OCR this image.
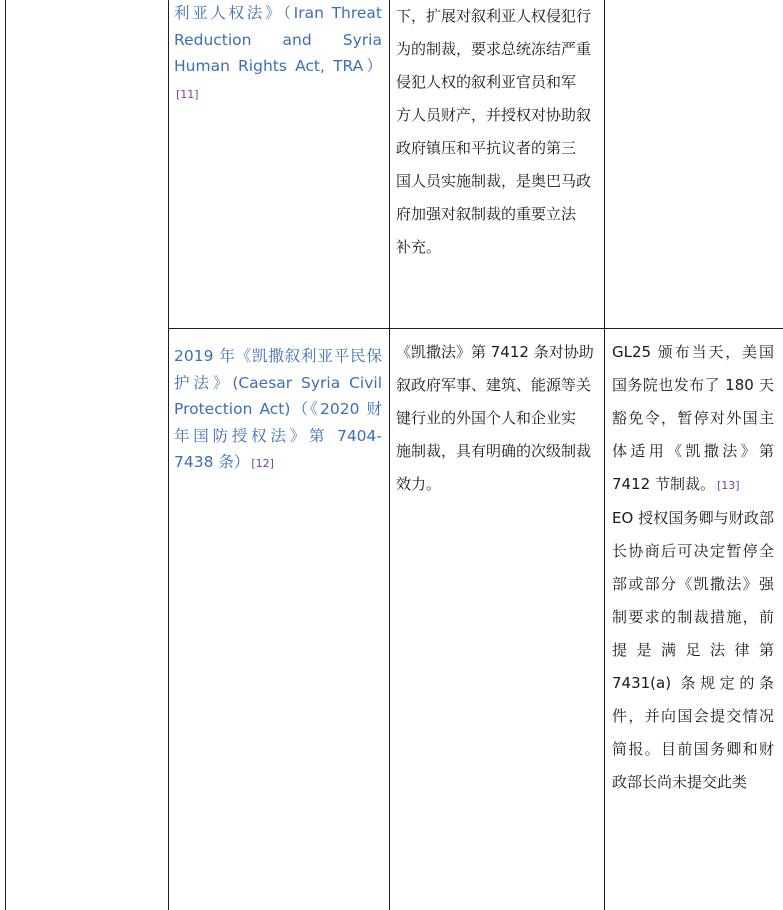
利亚人权法》（Iran Threat Reduction and Syria Human Rights Act, TRA）[11]
下，扩展对叙利亚人权侵犯行
为的制裁，要求总统冻结严重
侵犯人权的叙利亚官员和军
方人员财产，并授权对协助叙
政府镇压和平抗议者的第三
国人员实施制裁，是奥巴马政
府加强对叙制裁的重要立法
补充。
2019 年《凯撒叙利亚平民保护法》(Caesar Syria Civil Protection Act)（《2020 财年国防授权法》第 7404-7438 条） [12]
《凯撒法》第 7412 条对协助
叙政府军事、建筑、能源等关
键行业的外国个人和企业实
施制裁，具有明确的次级制裁
效力。
GL25 颁布当天，美国国务院也发布了 180 天豁免令，暂停对外国主体适用《凯撒法》第 7412 节制裁。 [13]
EO 授权国务卿与财政部长协商后可决定暂停全部或部分《凯撒法》强制要求的制裁措施，前提是满足法律第 7431(a) 条规定的条件，并向国会提交情况简报。目前国务卿和财政部长尚未提交此类
